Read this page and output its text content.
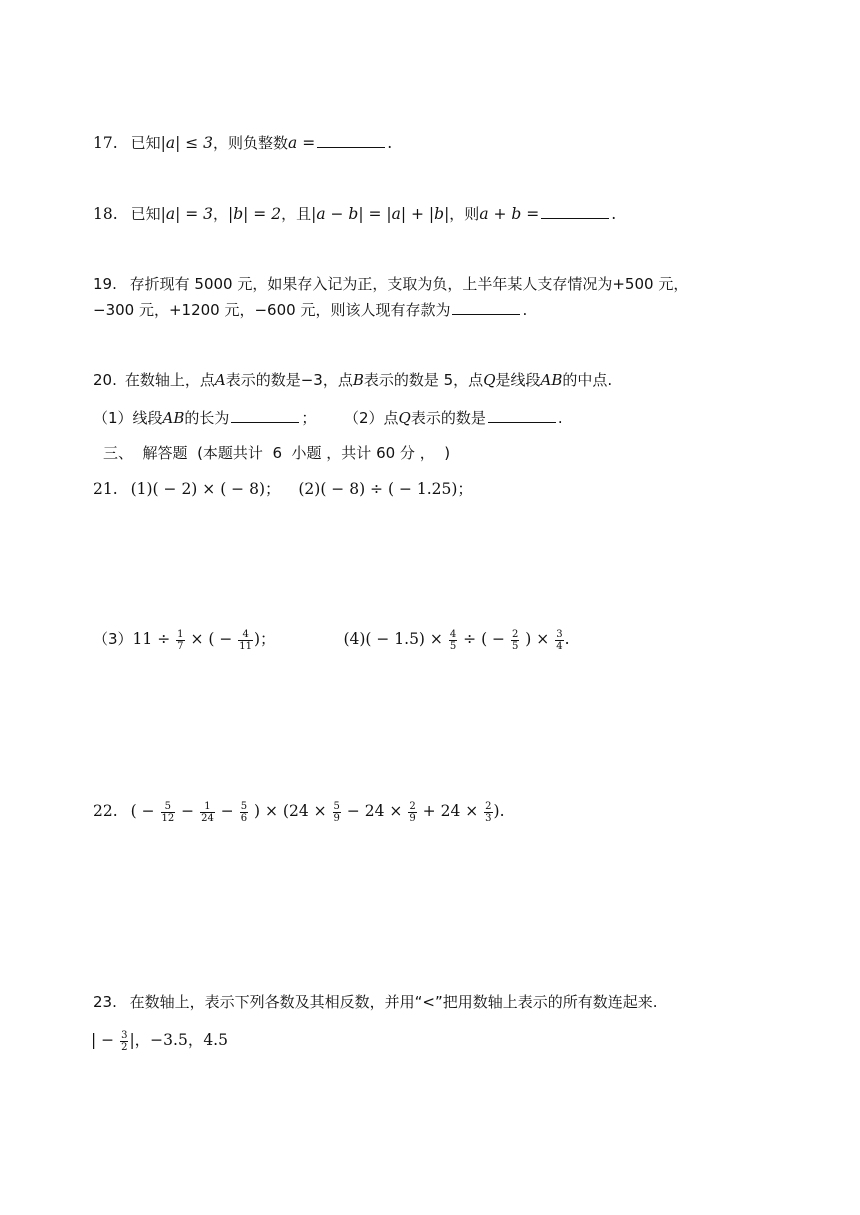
17. 已知|a| ≤ 3，则负整数a =	.
18. 已知|a| = 3，|b| = 2，且|a − b| = |a| + |b|，则a + b =	.
19. 存折现有 5000 元，如果存入记为正，支取为负，上半年某人支存情况为+500 元，
−300 元，+1200 元，−600 元，则该人现有存款为	.
20. 在数轴上，点A表示的数是−3，点B表示的数是 5，点Q是线段AB的中点.
（1）线段AB的长为	； （2）点Q表示的数是	.
三、  解答题  (本题共计  6  小题 ，共计 60 分 ，  )
21. (1)( − 2) × ( − 8)； (2)( − 8) ÷ ( − 1.25)；
$(3)11 \div \frac{1}{7}$ × ( − $\frac{4}{11}$ )；	$(4)( - 1.5) \times \frac{4}{5}$ ÷ ( − $\frac{2}{5}$ ) × $\frac{3}{4}$ .
22. ( − $\frac{5}{12} - \frac{1}{24} - \frac{5}{6}$ ) × ($24 \times \frac{5}{9} - 24 \times \frac{2}{9} + 24 \times \frac{2}{3}$ ).
23. 在数轴上，表示下列各数及其相反数，并用“<”把用数轴上表示的所有数连起来.
| − $\frac{3}{2}$ |，−3.5，4.5
